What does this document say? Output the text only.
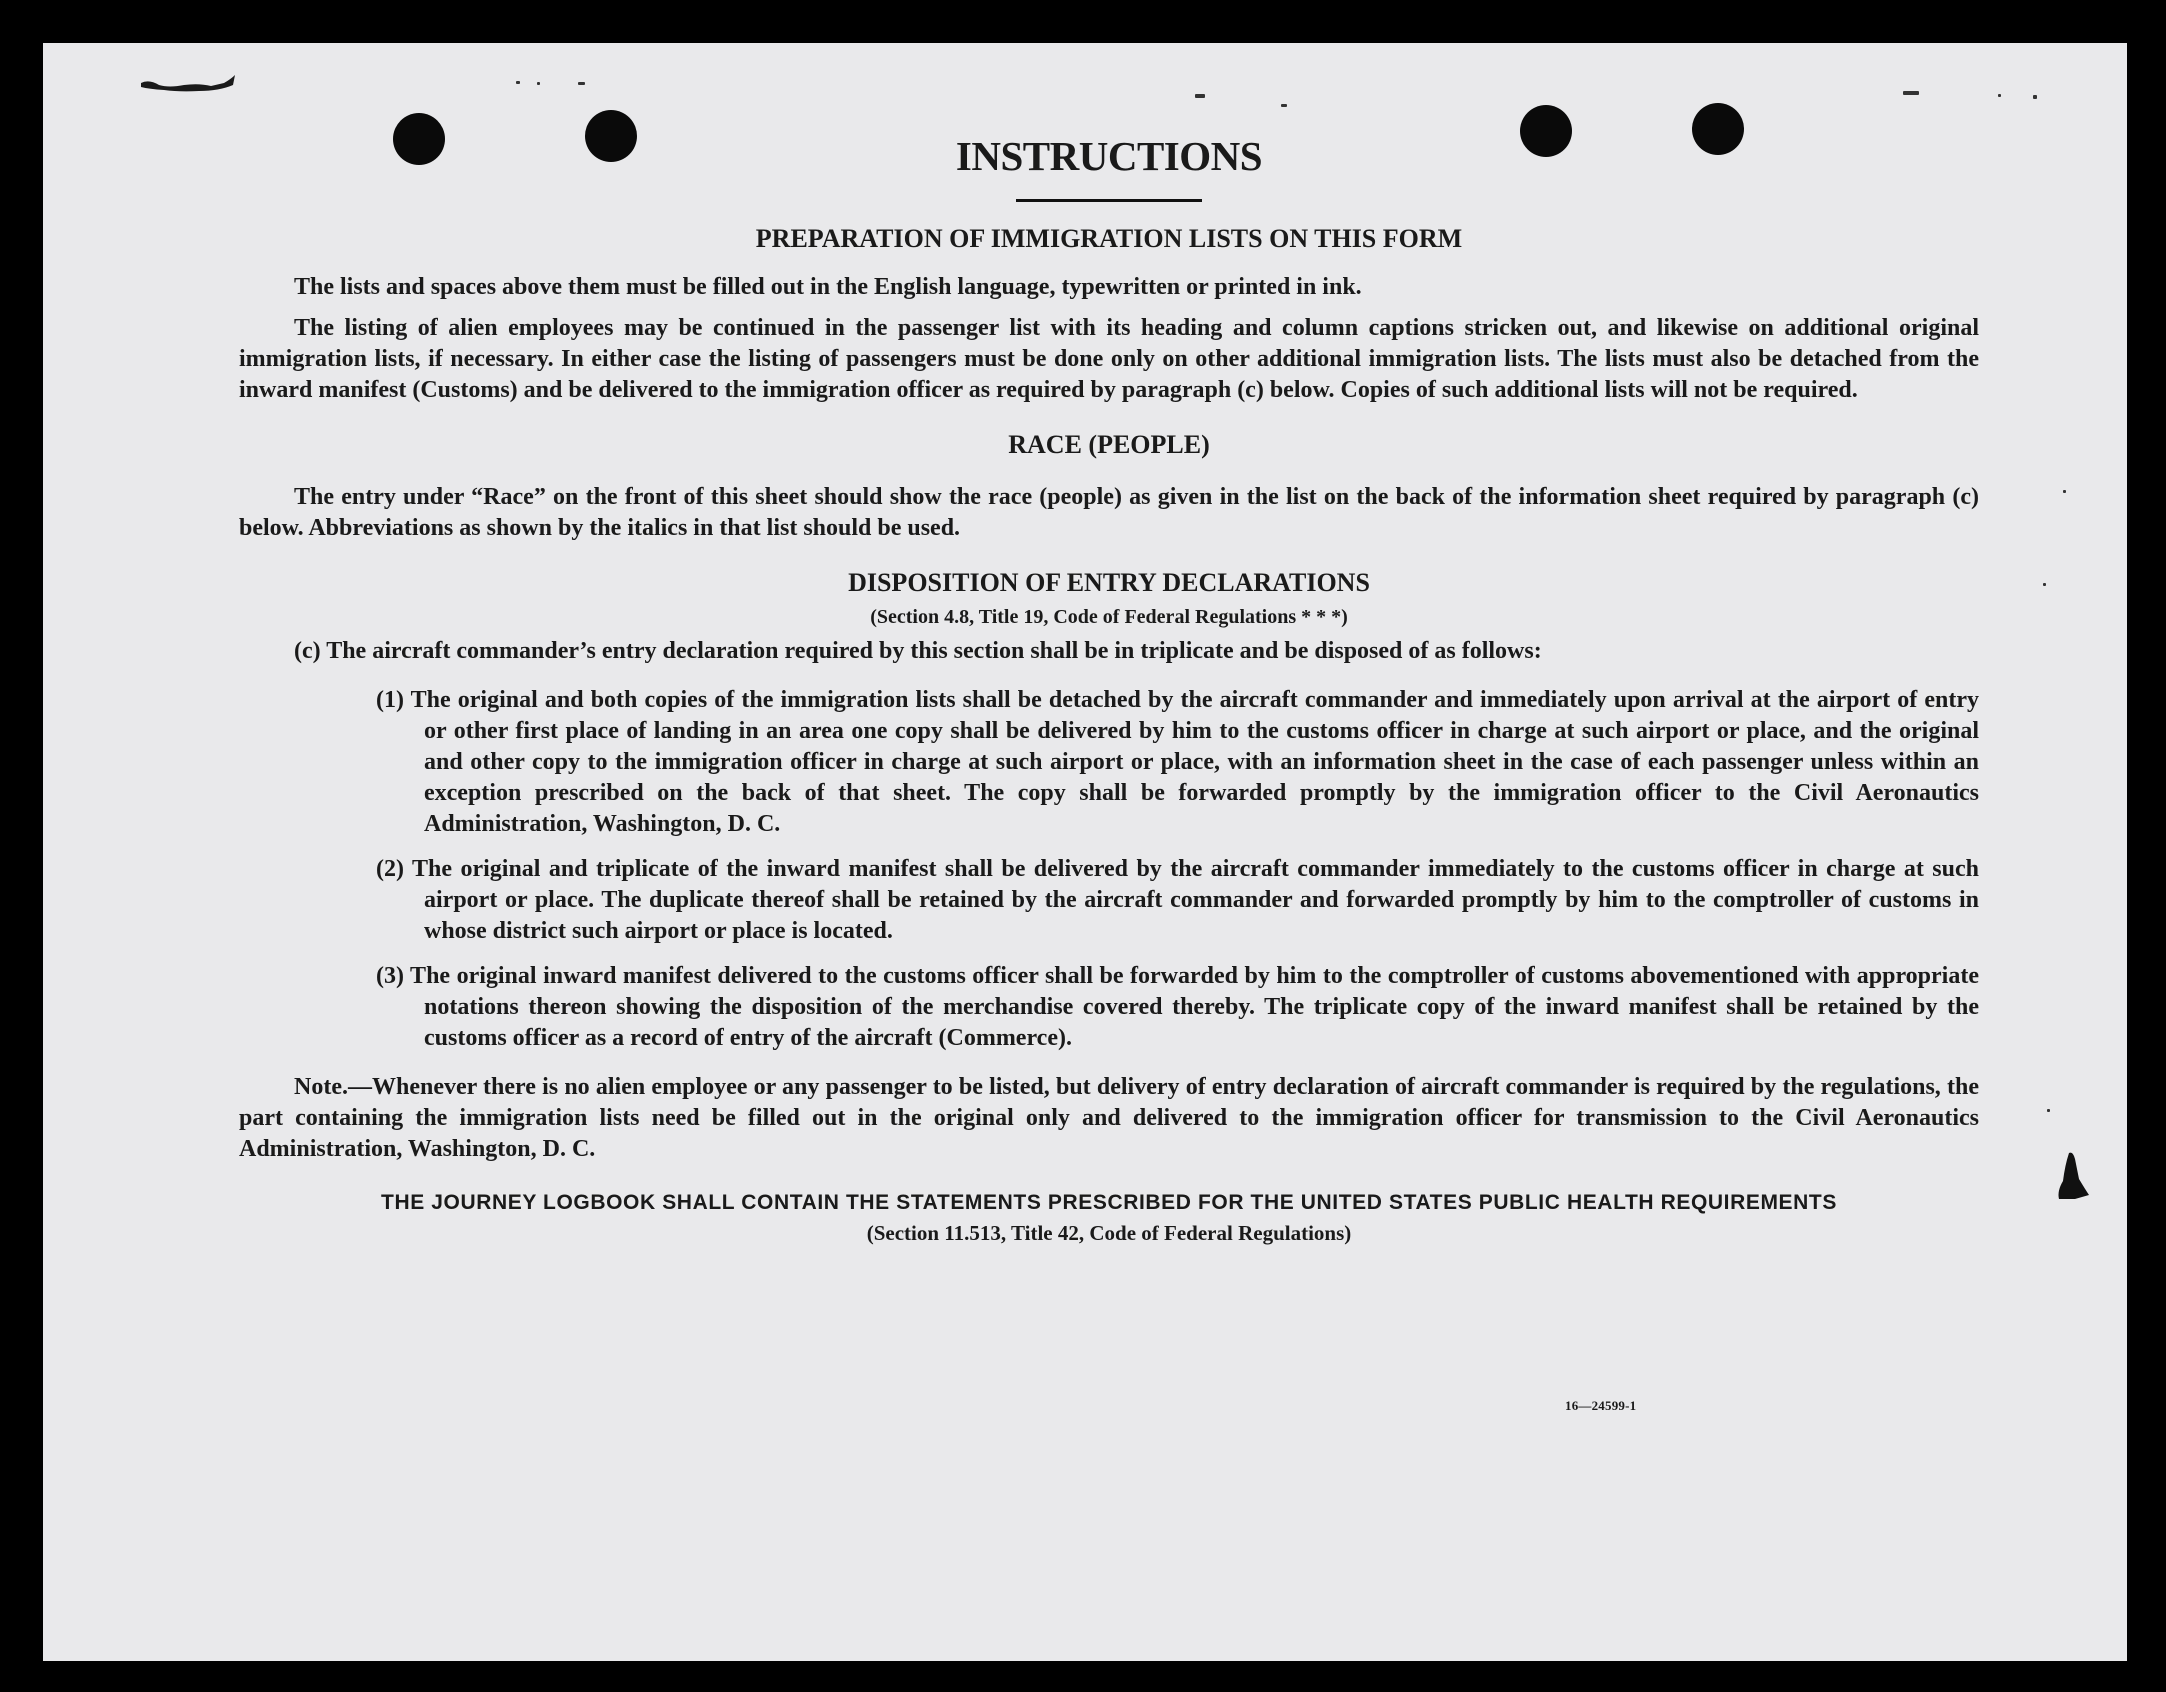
INSTRUCTIONS
PREPARATION OF IMMIGRATION LISTS ON THIS FORM

The lists and spaces above them must be filled out in the English language, typewritten or printed in ink.

The listing of alien employees may be continued in the passenger list with its heading and column captions stricken out, and likewise on additional original immigration lists, if necessary. In either case the listing of passengers must be done only on other additional immigration lists. The lists must also be detached from the inward manifest (Customs) and be delivered to the immigration officer as required by paragraph (c) below. Copies of such additional lists will not be required.

RACE (PEOPLE)

The entry under “Race” on the front of this sheet should show the race (people) as given in the list on the back of the information sheet required by paragraph (c) below. Abbreviations as shown by the italics in that list should be used.

DISPOSITION OF ENTRY DECLARATIONS
(Section 4.8, Title 19, Code of Federal Regulations * * *)

(c) The aircraft commander’s entry declaration required by this section shall be in triplicate and be disposed of as follows:

(1) The original and both copies of the immigration lists shall be detached by the aircraft commander and immediately upon arrival at the airport of entry or other first place of landing in an area one copy shall be delivered by him to the customs officer in charge at such airport or place, and the original and other copy to the immigration officer in charge at such airport or place, with an information sheet in the case of each passenger unless within an exception prescribed on the back of that sheet. The copy shall be forwarded promptly by the immigration officer to the Civil Aeronautics Administration, Washington, D. C.

(2) The original and triplicate of the inward manifest shall be delivered by the aircraft commander immediately to the customs officer in charge at such airport or place. The duplicate thereof shall be retained by the aircraft commander and forwarded promptly by him to the comptroller of customs in whose district such airport or place is located.

(3) The original inward manifest delivered to the customs officer shall be forwarded by him to the comptroller of customs abovementioned with appropriate notations thereon showing the disposition of the merchandise covered thereby. The triplicate copy of the inward manifest shall be retained by the customs officer as a record of entry of the aircraft (Commerce).

Note.—Whenever there is no alien employee or any passenger to be listed, but delivery of entry declaration of aircraft commander is required by the regulations, the part containing the immigration lists need be filled out in the original only and delivered to the immigration officer for transmission to the Civil Aeronautics Administration, Washington, D. C.

THE JOURNEY LOGBOOK SHALL CONTAIN THE STATEMENTS PRESCRIBED FOR THE UNITED STATES PUBLIC HEALTH REQUIREMENTS
(Section 11.513, Title 42, Code of Federal Regulations)
16—24599-1
